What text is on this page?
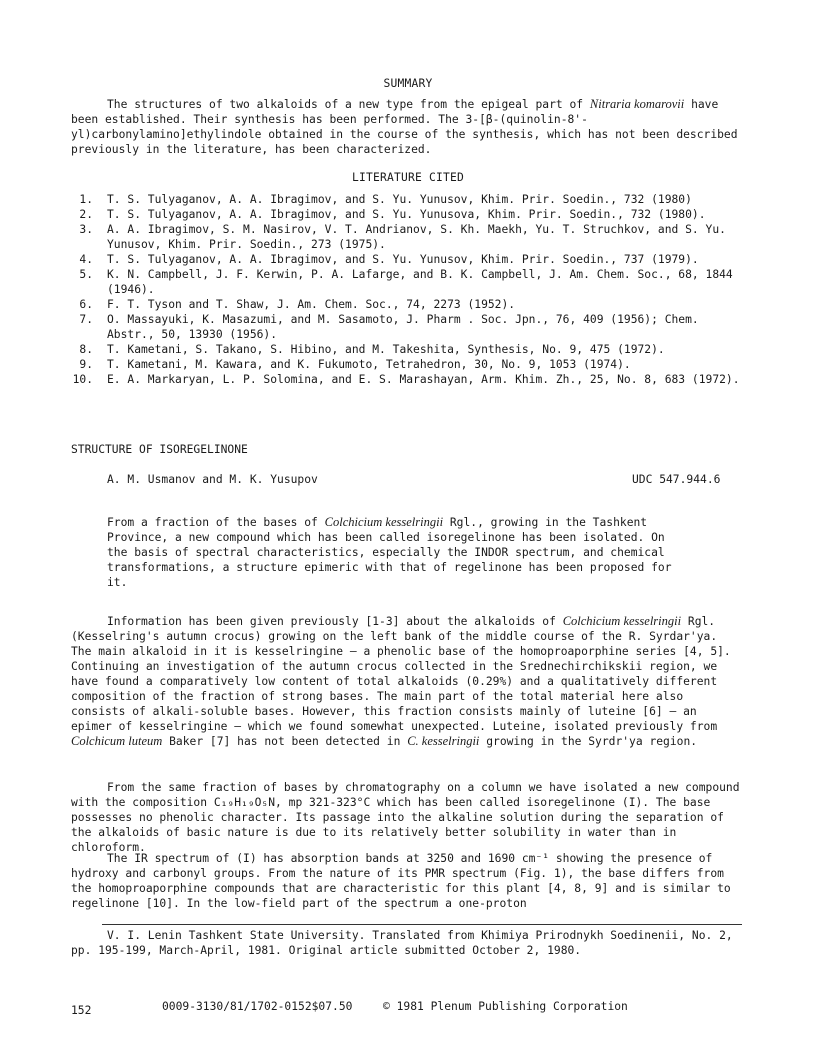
SUMMARY
The structures of two alkaloids of a new type from the epigeal part of Nitraria komarovii have been established. Their synthesis has been performed. The 3-[β-(quinolin-8'-yl)carbonylamino]ethylindole obtained in the course of the synthesis, which has not been described previously in the literature, has been characterized.
LITERATURE CITED
1. T. S. Tulyaganov, A. A. Ibragimov, and S. Yu. Yunusov, Khim. Prir. Soedin., 732 (1980)
2. T. S. Tulyaganov, A. A. Ibragimov, and S. Yu. Yunusova, Khim. Prir. Soedin., 732 (1980).
3. A. A. Ibragimov, S. M. Nasirov, V. T. Andrianov, S. Kh. Maekh, Yu. T. Struchkov, and S. Yu. Yunusov, Khim. Prir. Soedin., 273 (1975).
4. T. S. Tulyaganov, A. A. Ibragimov, and S. Yu. Yunusov, Khim. Prir. Soedin., 737 (1979).
5. K. N. Campbell, J. F. Kerwin, P. A. Lafarge, and B. K. Campbell, J. Am. Chem. Soc., 68, 1844 (1946).
6. F. T. Tyson and T. Shaw, J. Am. Chem. Soc., 74, 2273 (1952).
7. O. Massayuki, K. Masazumi, and M. Sasamoto, J. Pharm . Soc. Jpn., 76, 409 (1956); Chem. Abstr., 50, 13930 (1956).
8. T. Kametani, S. Takano, S. Hibino, and M. Takeshita, Synthesis, No. 9, 475 (1972).
9. T. Kametani, M. Kawara, and K. Fukumoto, Tetrahedron, 30, No. 9, 1053 (1974).
10. E. A. Markaryan, L. P. Solomina, and E. S. Marashayan, Arm. Khim. Zh., 25, No. 8, 683 (1972).
STRUCTURE OF ISOREGELINONE
A. M. Usmanov and M. K. Yusupov	UDC 547.944.6
From a fraction of the bases of Colchicium kesselringii Rgl., growing in the Tashkent Province, a new compound which has been called isoregelinone has been isolated. On the basis of spectral characteristics, especially the INDOR spectrum, and chemical transformations, a structure epimeric with that of regelinone has been proposed for it.
Information has been given previously [1-3] about the alkaloids of Colchicium kesselringii Rgl. (Kesselring's autumn crocus) growing on the left bank of the middle course of the R. Syrdar'ya. The main alkaloid in it is kesselringine — a phenolic base of the homoproaporphine series [4, 5]. Continuing an investigation of the autumn crocus collected in the Srednechirchikskii region, we have found a comparatively low content of total alkaloids (0.29%) and a qualitatively different composition of the fraction of strong bases. The main part of the total material here also consists of alkali-soluble bases. However, this fraction consists mainly of luteine [6] — an epimer of kesselringine — which we found somewhat unexpected. Luteine, isolated previously from Colchicum luteum Baker [7] has not been detected in C. kesselringii growing in the Syrdr'ya region.
From the same fraction of bases by chromatography on a column we have isolated a new compound with the composition C₁₉H₁₉O₅N, mp 321-323°C which has been called isoregelinone (I). The base possesses no phenolic character. Its passage into the alkaline solution during the separation of the alkaloids of basic nature is due to its relatively better solubility in water than in chloroform.
The IR spectrum of (I) has absorption bands at 3250 and 1690 cm⁻¹ showing the presence of hydroxy and carbonyl groups. From the nature of its PMR spectrum (Fig. 1), the base differs from the homoproaporphine compounds that are characteristic for this plant [4, 8, 9] and is similar to regelinone [10]. In the low-field part of the spectrum a one-proton
V. I. Lenin Tashkent State University. Translated from Khimiya Prirodnykh Soedinenii, No. 2, pp. 195-199, March-April, 1981. Original article submitted October 2, 1980.
152	0009-3130/81/1702-0152$07.50	© 1981 Plenum Publishing Corporation
